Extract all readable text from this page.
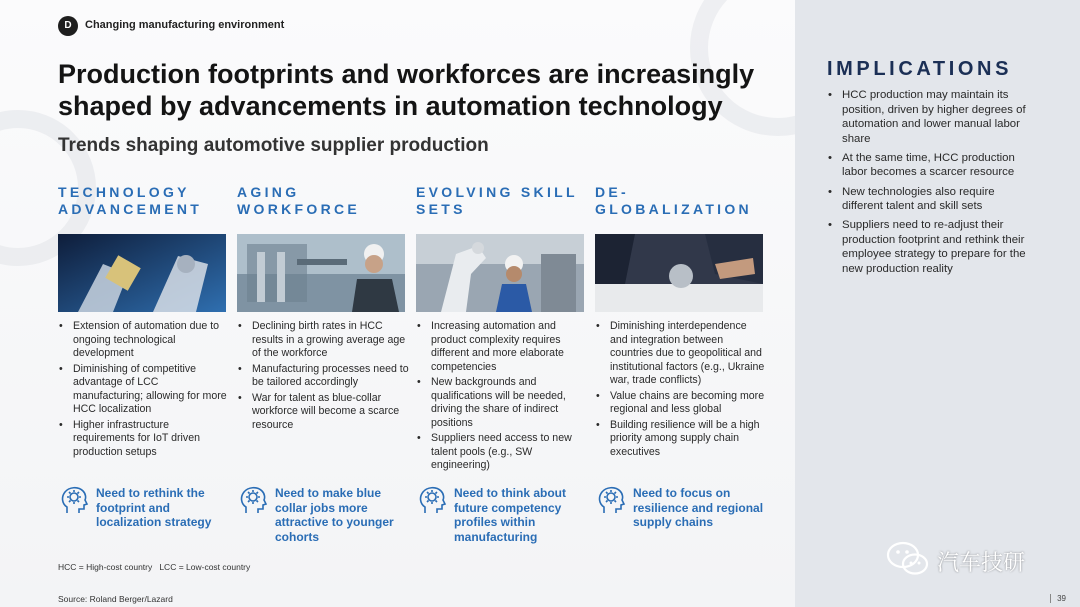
D	Changing manufacturing environment
Production footprints and workforces are increasingly shaped by advancements in automation technology
Trends shaping automotive supplier production
TECHNOLOGY ADVANCEMENT
• Extension of automation due to ongoing technological development
• Diminishing of competitive advantage of LCC manufacturing; allowing for more HCC localization
• Higher infrastructure requirements for IoT driven production setups
AGING WORKFORCE
• Declining birth rates in HCC results in a growing average age of the workforce
• Manufacturing processes need to be tailored accordingly
• War for talent as blue-collar workforce will become a scarce resource
EVOLVING SKILL SETS
• Increasing automation and product complexity requires different and more elaborate competencies
• New backgrounds and qualifications will be needed, driving the share of indirect positions
• Suppliers need access to new talent pools (e.g., SW engineering)
DE-GLOBALIZATION
• Diminishing interdependence and integration between countries due to geopolitical and institutional factors (e.g., Ukraine war, trade conflicts)
• Value chains are becoming more regional and less global
• Building resilience will be a high priority among supply chain executives
Need to rethink the footprint and localization strategy
Need to make blue collar jobs more attractive to younger cohorts
Need to think about future competency profiles within manufacturing
Need to focus on resilience and regional supply chains
HCC = High-cost country   LCC = Low-cost country
Source: Roland Berger/Lazard
IMPLICATIONS
• HCC production may maintain its position, driven by higher degrees of automation and lower manual labor share
• At the same time, HCC production labor becomes a scarcer resource
• New technologies also require different talent and skill sets
• Suppliers need to re-adjust their production footprint and rethink their employee strategy to prepare for the new production reality
汽车技研
39
